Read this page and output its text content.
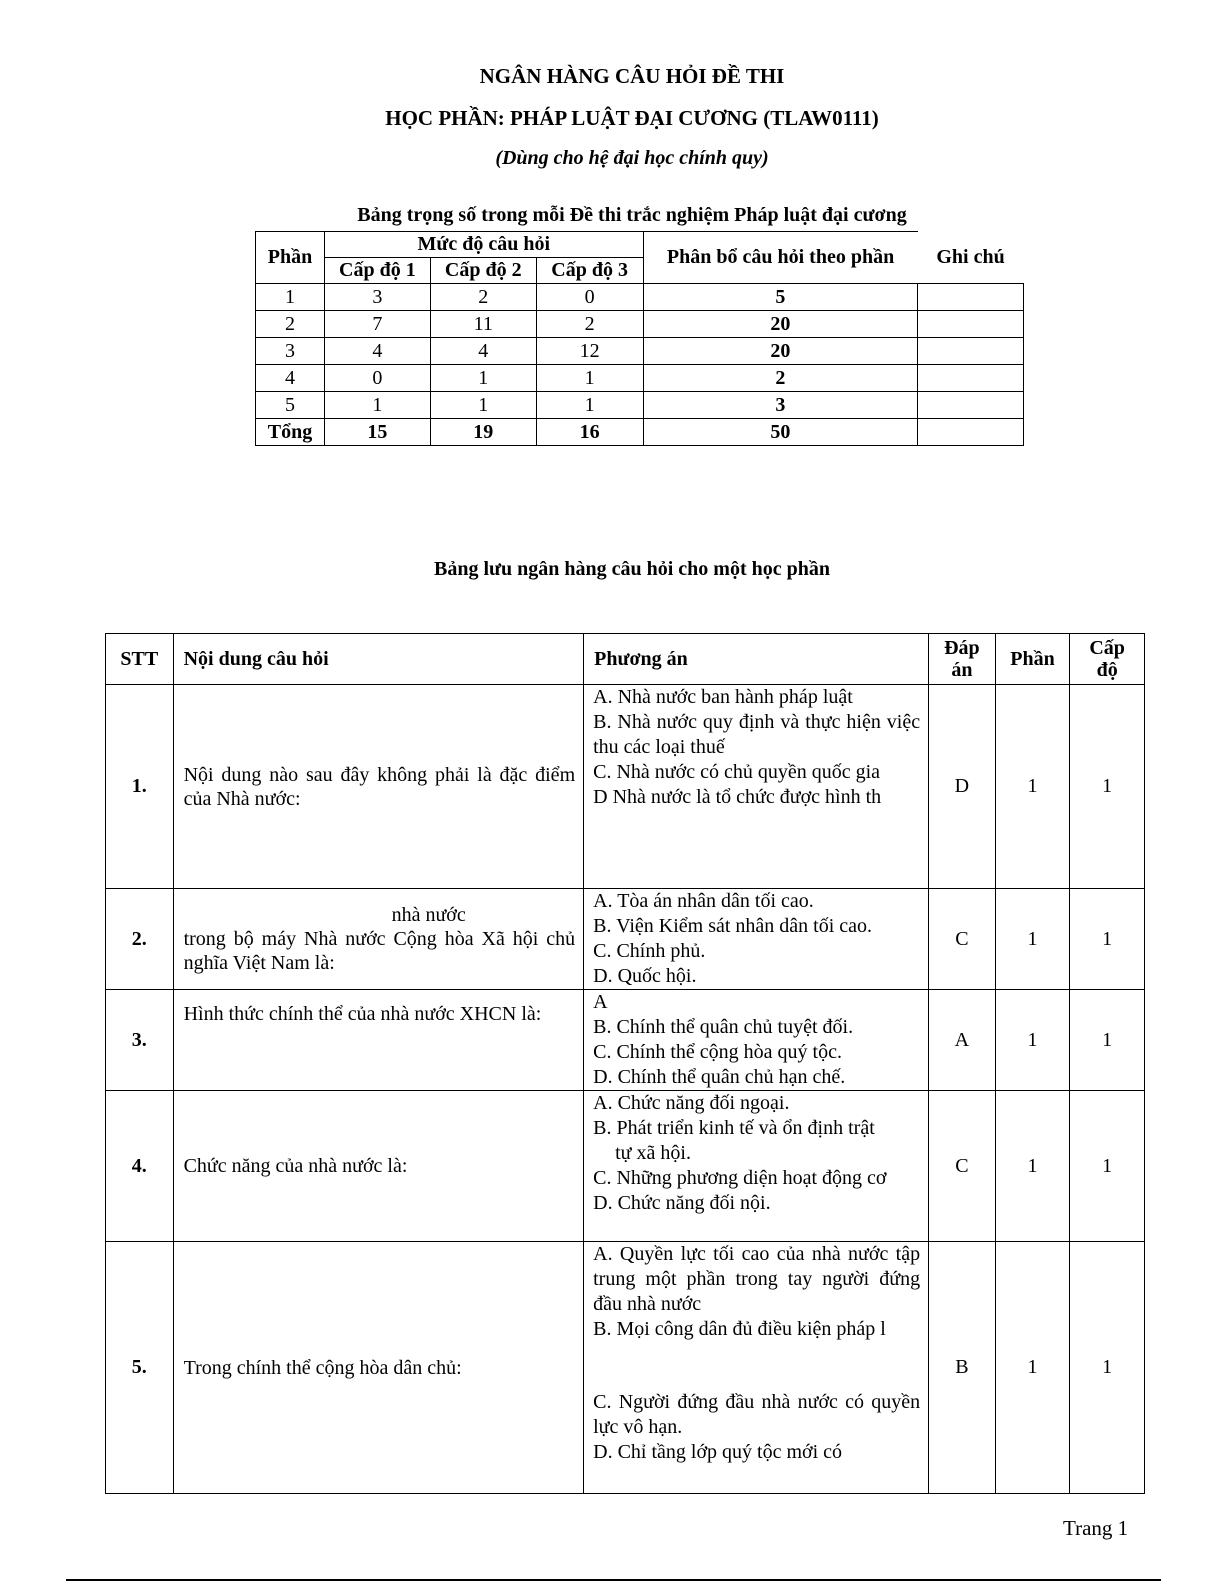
NGÂN HÀNG CÂU HỎI ĐỀ THI
HỌC PHẦN: PHÁP LUẬT ĐẠI CƯƠNG (TLAW0111)
(Dùng cho hệ đại học chính quy)
Bảng trọng số trong mỗi Đề thi trắc nghiệm Pháp luật đại cương
Phần	Mức độ câu hỏi			Phân bổ câu hỏi theo phần	Ghi chú
	Cấp độ 1	Cấp độ 2	Cấp độ 3		
1	3	2	0	5	
2	7	11	2	20	
3	4	4	12	20	
4	0	1	1	2	
5	1	1	1	3	
Tổng	15	19	16	50	
Bảng lưu ngân hàng câu hỏi cho một học phần
STT	Nội dung câu hỏi	Phương án	Đáp
án	Phần	Cấp
độ
1.	Nội dung nào sau đây không phải là đặc điểm của Nhà nước:	A. Nhà nước ban hành pháp luật
B. Nhà nước quy định và thực hiện việc thu các loại thuế
C. Nhà nước có chủ quyền quốc gia
D Nhà nước là tổ chức được hình th	D	1	1
2.	nhà nước
trong bộ máy Nhà nước Cộng hòa Xã hội chủ nghĩa Việt Nam là:	A. Tòa án nhân dân tối cao.
B. Viện Kiểm sát nhân dân tối cao.
C. Chính phủ.
D. Quốc hội.	C	1	1
3.	Hình thức chính thể của nhà nước XHCN là:	A
B. Chính thể quân chủ tuyệt đối.
C. Chính thể cộng hòa quý tộc.
D. Chính thể quân chủ hạn chế.	A	1	1
4.	Chức năng của nhà nước là:	A. Chức năng đối ngoại.
B. Phát triển kinh tế và ổn định trật
tự xã hội.
C. Những phương diện hoạt động cơ
D. Chức năng đối nội.	C	1	1
5.	Trong chính thể cộng hòa dân chủ:	A. Quyền lực tối cao của nhà nước tập trung một phần trong tay người đứng đầu nhà nước
B. Mọi công dân đủ điều kiện pháp l
C. Người đứng đầu nhà nước có quyền lực vô hạn.
D. Chỉ tầng lớp quý tộc mới có	B	1	1
Trang 1
